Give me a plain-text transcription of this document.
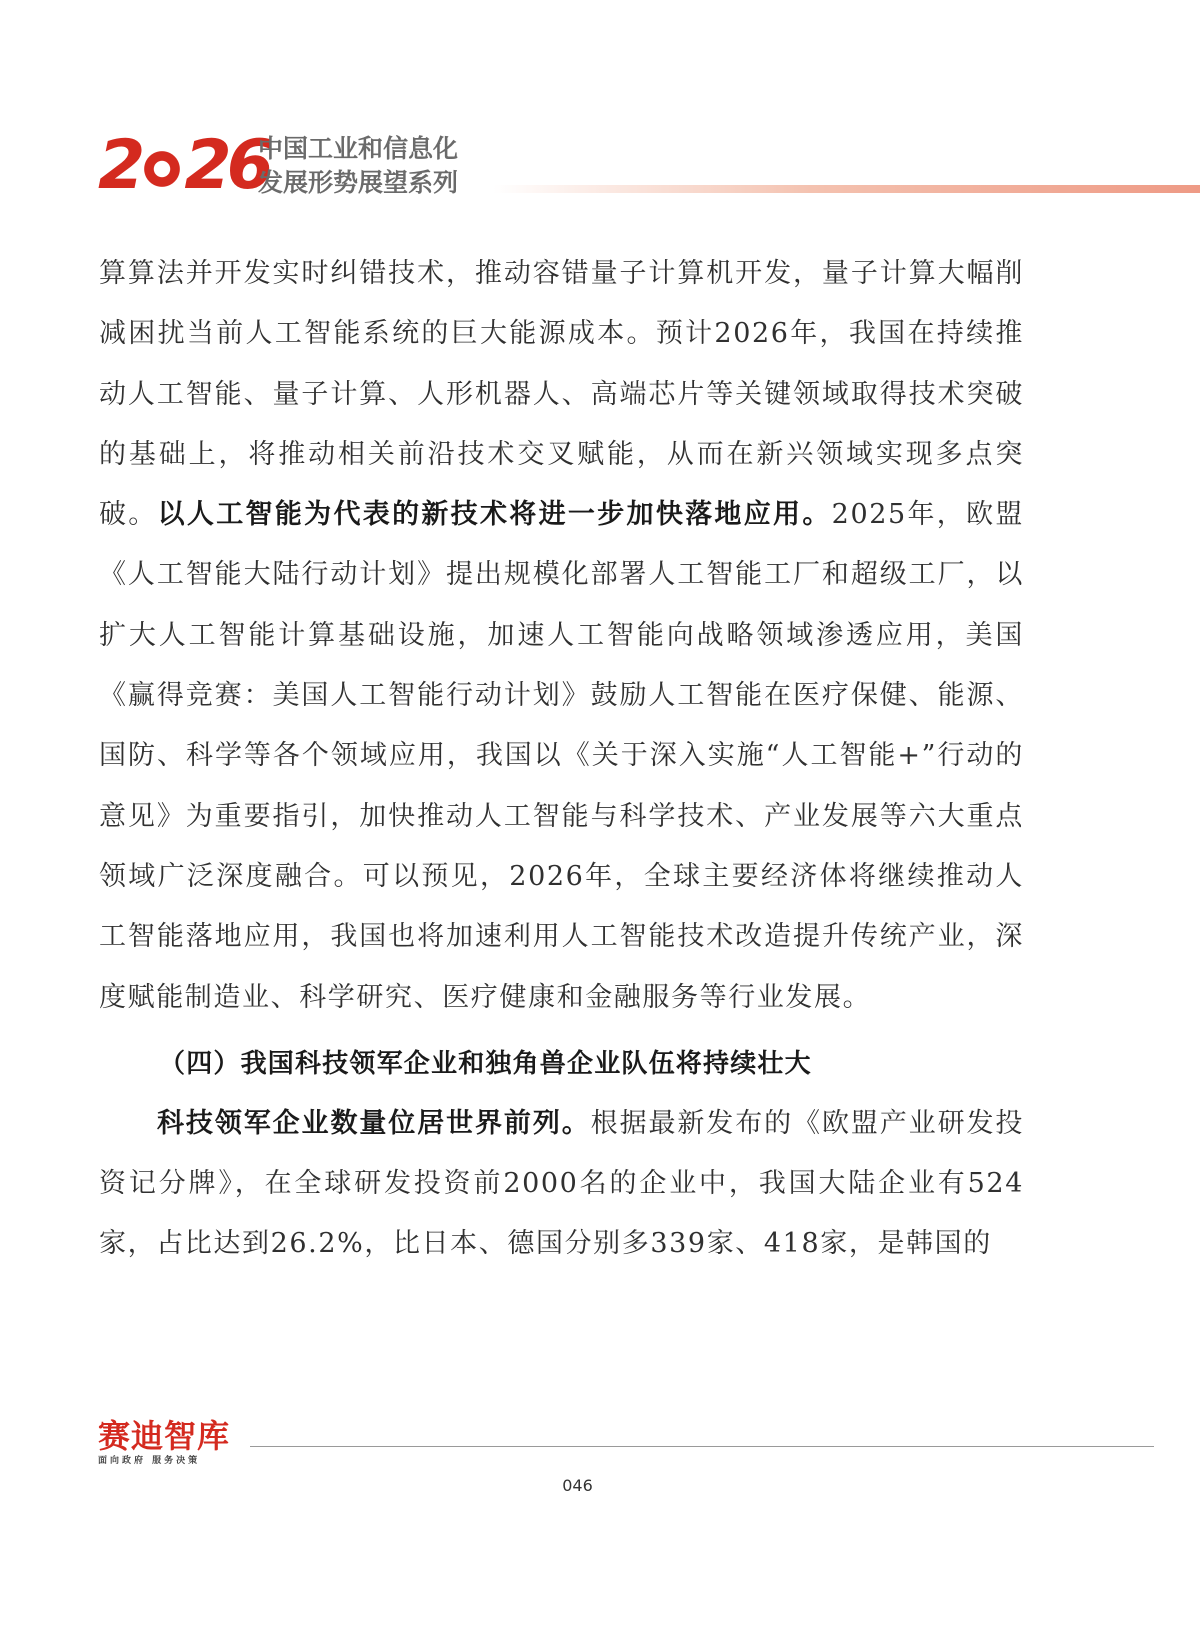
2 26
中国工业和信息化
发展形势展望系列

算算法并开发实时纠错技术，推动容错量子计算机开发，量子计算大幅削减困扰当前人工智能系统的巨大能源成本。预计2026年，我国在持续推动人工智能、量子计算、人形机器人、高端芯片等关键领域取得技术突破的基础上，将推动相关前沿技术交叉赋能，从而在新兴领域实现多点突破。以人工智能为代表的新技术将进一步加快落地应用。2025年，欧盟《人工智能大陆行动计划》提出规模化部署人工智能工厂和超级工厂，以扩大人工智能计算基础设施，加速人工智能向战略领域渗透应用，美国《赢得竞赛：美国人工智能行动计划》鼓励人工智能在医疗保健、能源、国防、科学等各个领域应用，我国以《关于深入实施“人工智能+”行动的意见》为重要指引，加快推动人工智能与科学技术、产业发展等六大重点领域广泛深度融合。可以预见，2026年，全球主要经济体将继续推动人工智能落地应用，我国也将加速利用人工智能技术改造提升传统产业，深度赋能制造业、科学研究、医疗健康和金融服务等行业发展。

（四）我国科技领军企业和独角兽企业队伍将持续壮大

科技领军企业数量位居世界前列。根据最新发布的《欧盟产业研发投资记分牌》，在全球研发投资前2000名的企业中，我国大陆企业有524家，占比达到26.2%，比日本、德国分别多339家、418家，是韩国的

赛迪智库
面向政府 服务决策
046
